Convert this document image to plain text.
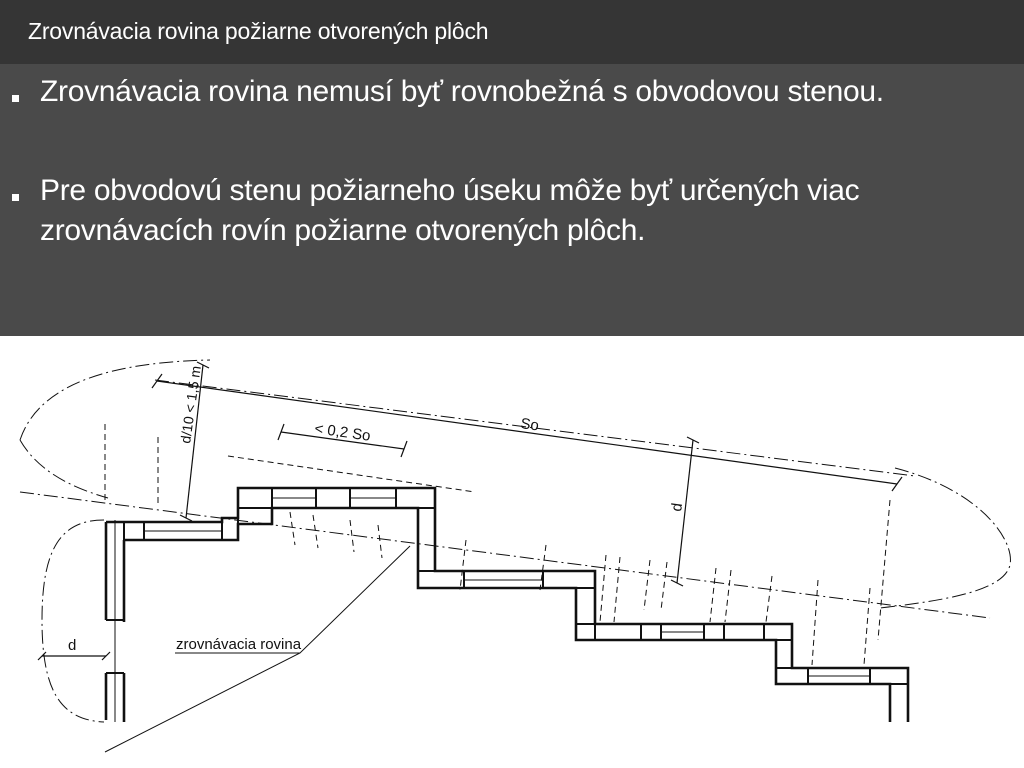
Zrovnávacia rovina požiarne otvorených plôch
Zrovnávacia rovina nemusí byť rovnobežná s obvodovou stenou.
Pre obvodovú stenu požiarneho úseku môže byť určených viac
zrovnávacích rovín požiarne otvorených plôch.
zrovnávacia rovina
d
So
< 0,2 So
d/10 < 1,5 m
d
